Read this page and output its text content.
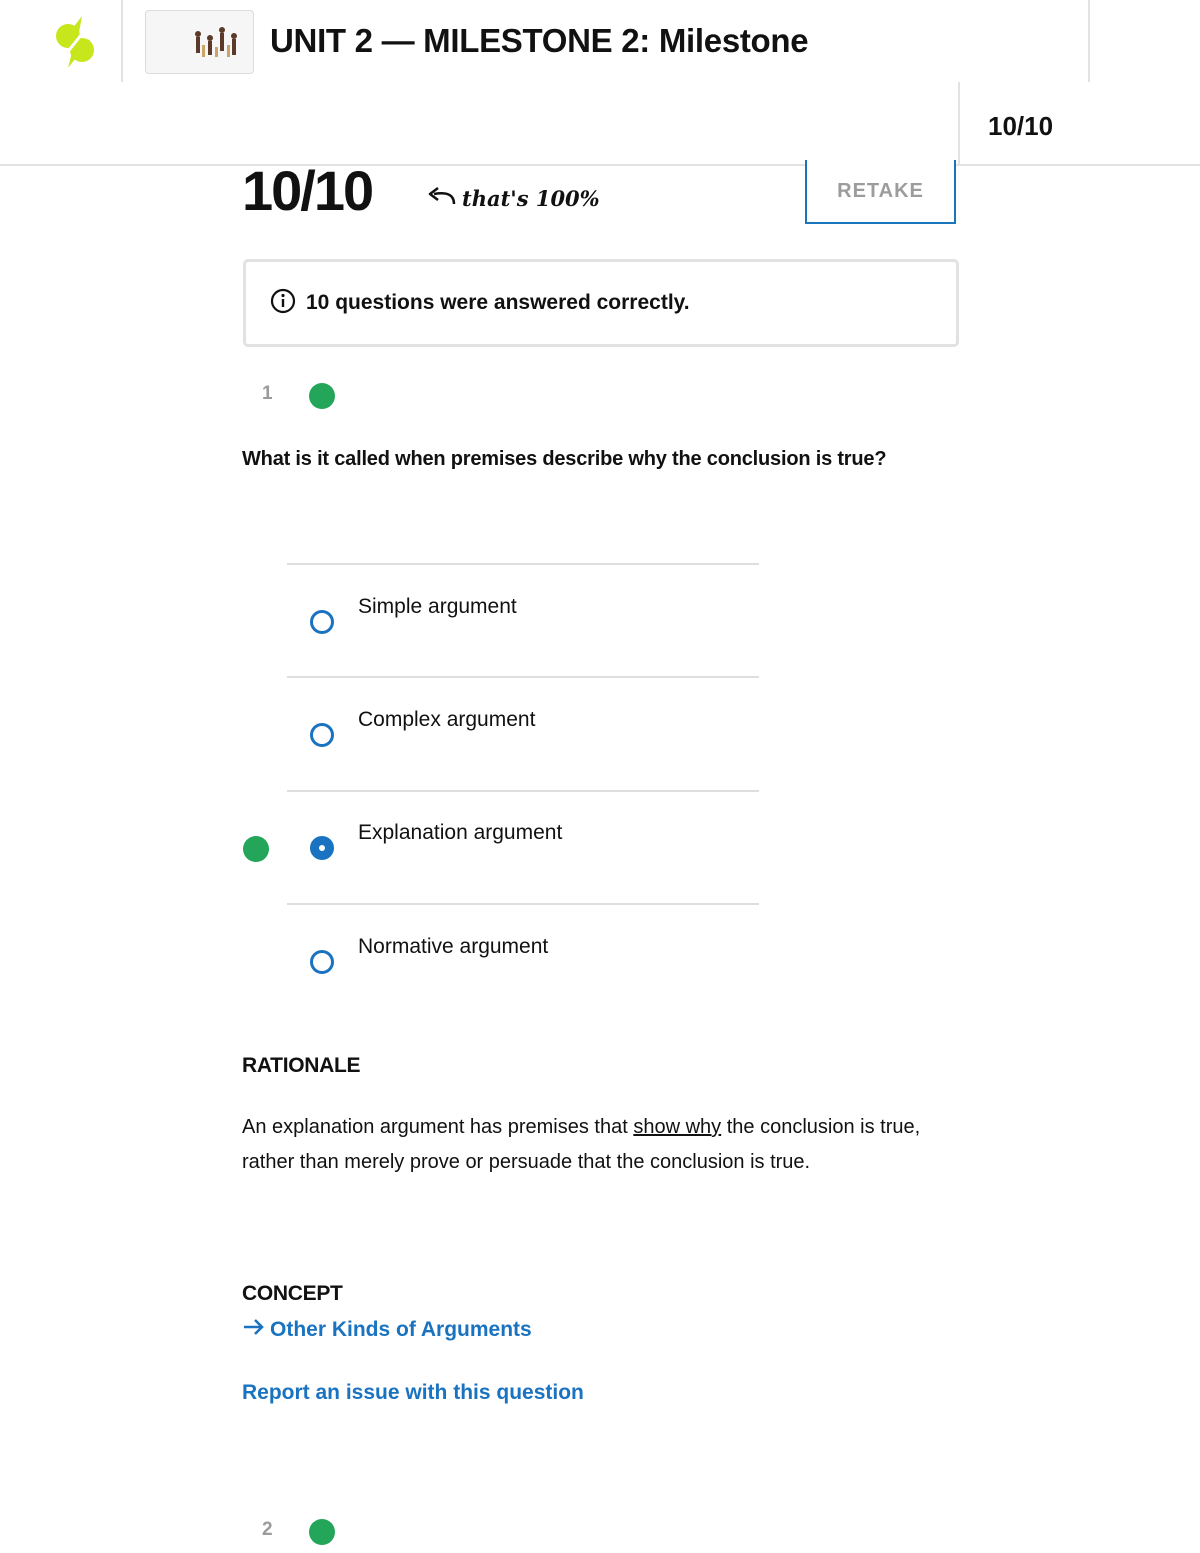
UNIT 2 — MILESTONE 2: Milestone
10/10
10/10	that's 100%	RETAKE
10 questions were answered correctly.
1
What is it called when premises describe why the conclusion is true?
Simple argument
Complex argument
Explanation argument
Normative argument
RATIONALE
An explanation argument has premises that show why the conclusion is true, rather than merely prove or persuade that the conclusion is true.
CONCEPT
Other Kinds of Arguments
Report an issue with this question
2
